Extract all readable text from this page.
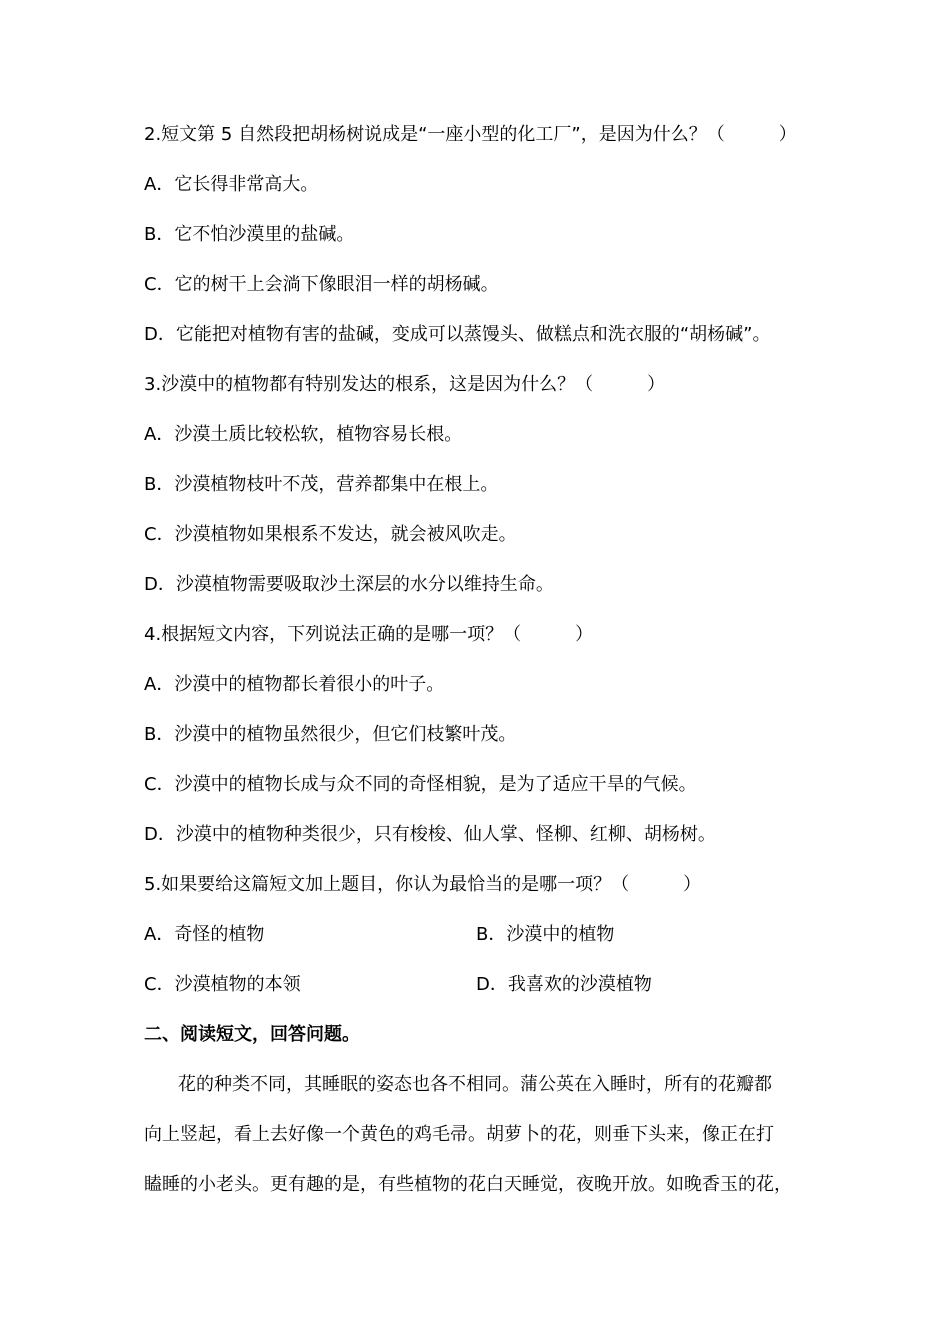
2.短文第 5 自然段把胡杨树说成是“一座小型的化工厂”，是因为什么？（　　　）

A．它长得非常高大。

B．它不怕沙漠里的盐碱。

C．它的树干上会淌下像眼泪一样的胡杨碱。

D．它能把对植物有害的盐碱，变成可以蒸馒头、做糕点和洗衣服的“胡杨碱”。

3.沙漠中的植物都有特别发达的根系，这是因为什么？（　　　）

A．沙漠土质比较松软，植物容易长根。

B．沙漠植物枝叶不茂，营养都集中在根上。

C．沙漠植物如果根系不发达，就会被风吹走。

D．沙漠植物需要吸取沙土深层的水分以维持生命。

4.根据短文内容，下列说法正确的是哪一项？（　　　）

A．沙漠中的植物都长着很小的叶子。

B．沙漠中的植物虽然很少，但它们枝繁叶茂。

C．沙漠中的植物长成与众不同的奇怪相貌，是为了适应干旱的气候。

D．沙漠中的植物种类很少，只有梭梭、仙人掌、怪柳、红柳、胡杨树。

5.如果要给这篇短文加上题目，你认为最恰当的是哪一项？（　　　）

A．奇怪的植物	B．沙漠中的植物

C．沙漠植物的本领	D．我喜欢的沙漠植物

二、阅读短文，回答问题。

花的种类不同，其睡眠的姿态也各不相同。蒲公英在入睡时，所有的花瓣都

向上竖起，看上去好像一个黄色的鸡毛帚。胡萝卜的花，则垂下头来，像正在打

瞌睡的小老头。更有趣的是，有些植物的花白天睡觉，夜晚开放。如晚香玉的花，
